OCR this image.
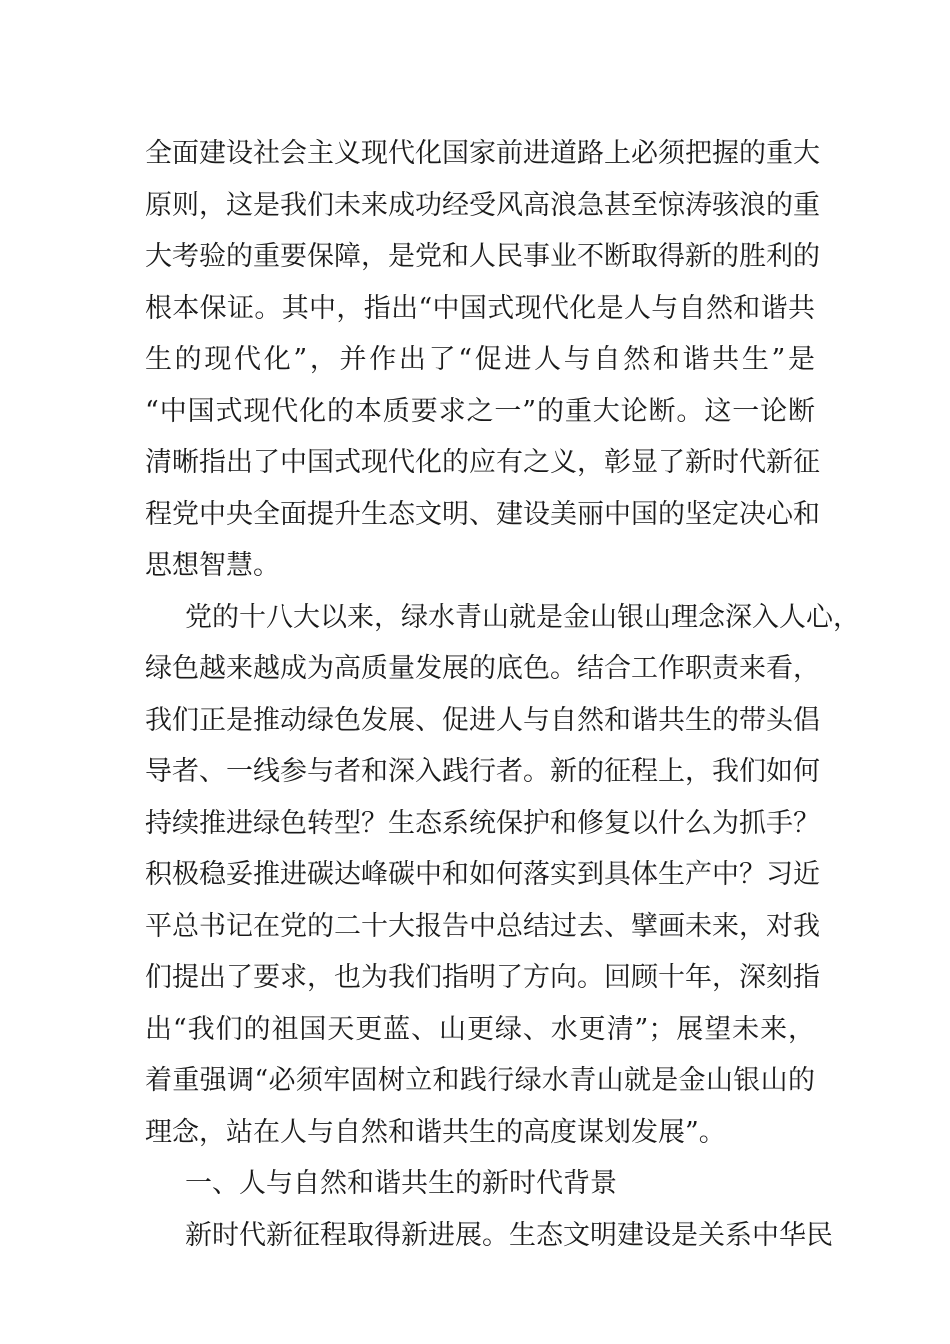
全面建设社会主义现代化国家前进道路上必须把握的重大
原则，这是我们未来成功经受风高浪急甚至惊涛骇浪的重
大考验的重要保障，是党和人民事业不断取得新的胜利的
根本保证。其中，指出“中国式现代化是人与自然和谐共
生的现代化”，并作出了“促进人与自然和谐共生”是
“中国式现代化的本质要求之一”的重大论断。这一论断
清晰指出了中国式现代化的应有之义，彰显了新时代新征
程党中央全面提升生态文明、建设美丽中国的坚定决心和
思想智慧。
党的十八大以来，绿水青山就是金山银山理念深入人心，
绿色越来越成为高质量发展的底色。结合工作职责来看，
我们正是推动绿色发展、促进人与自然和谐共生的带头倡
导者、一线参与者和深入践行者。新的征程上，我们如何
持续推进绿色转型？生态系统保护和修复以什么为抓手？
积极稳妥推进碳达峰碳中和如何落实到具体生产中？习近
平总书记在党的二十大报告中总结过去、擘画未来，对我
们提出了要求，也为我们指明了方向。回顾十年，深刻指
出“我们的祖国天更蓝、山更绿、水更清”；展望未来，
着重强调“必须牢固树立和践行绿水青山就是金山银山的
理念，站在人与自然和谐共生的高度谋划发展”。
一、人与自然和谐共生的新时代背景
新时代新征程取得新进展。生态文明建设是关系中华民
